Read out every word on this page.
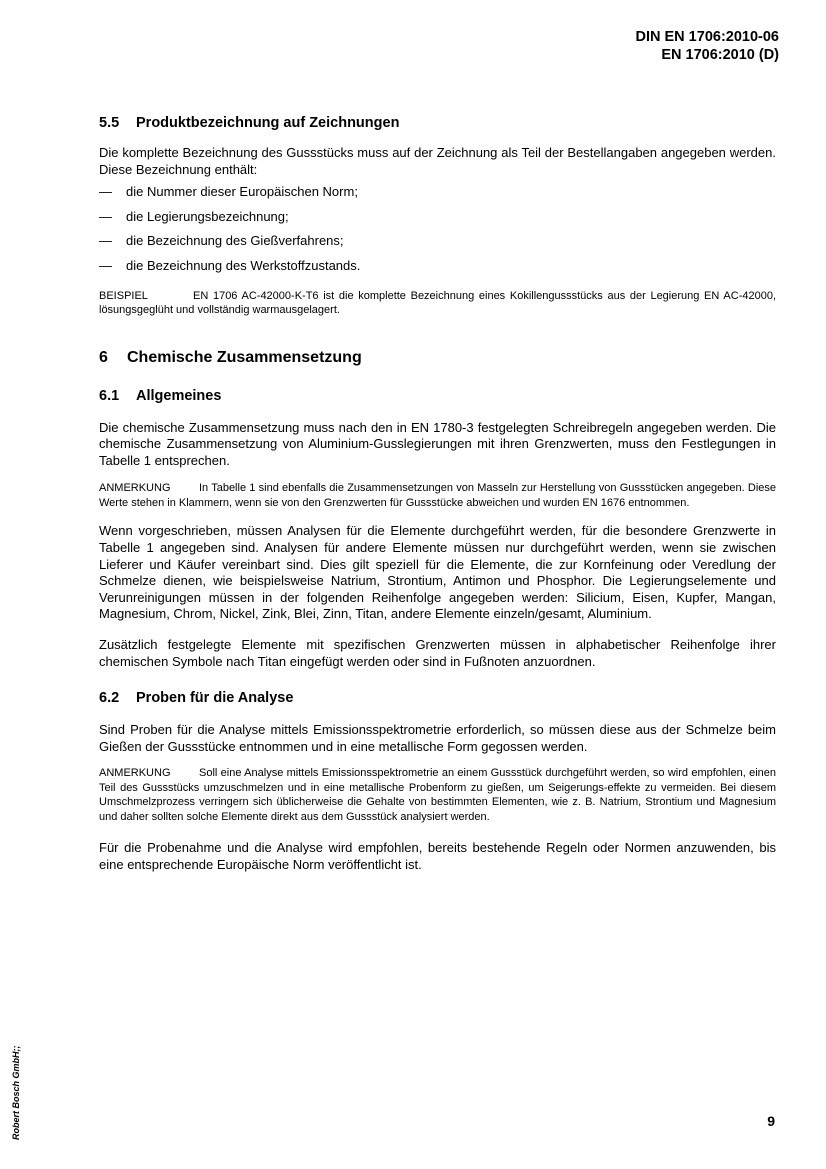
DIN EN 1706:2010-06
EN 1706:2010 (D)
5.5 Produktbezeichnung auf Zeichnungen

Die komplette Bezeichnung des Gussstücks muss auf der Zeichnung als Teil der Bestellangaben angegeben werden. Diese Bezeichnung enthält:

—	die Nummer dieser Europäischen Norm;
—	die Legierungsbezeichnung;
—	die Bezeichnung des Gießverfahrens;
—	die Bezeichnung des Werkstoffzustands.

BEISPIEL	EN 1706 AC-42000-K-T6 ist die komplette Bezeichnung eines Kokillengussstücks aus der Legierung EN AC-42000, lösungsgeglüht und vollständig warmausgelagert.

6 Chemische Zusammensetzung
6.1 Allgemeines

Die chemische Zusammensetzung muss nach den in EN 1780-3 festgelegten Schreibregeln angegeben werden. Die chemische Zusammensetzung von Aluminium-Gusslegierungen mit ihren Grenzwerten, muss den Festlegungen in Tabelle 1 entsprechen.

ANMERKUNG	In Tabelle 1 sind ebenfalls die Zusammensetzungen von Masseln zur Herstellung von Gussstücken angegeben. Diese Werte stehen in Klammern, wenn sie von den Grenzwerten für Gussstücke abweichen und wurden EN 1676 entnommen.

Wenn vorgeschrieben, müssen Analysen für die Elemente durchgeführt werden, für die besondere Grenzwerte in Tabelle 1 angegeben sind. Analysen für andere Elemente müssen nur durchgeführt werden, wenn sie zwischen Lieferer und Käufer vereinbart sind. Dies gilt speziell für die Elemente, die zur Kornfeinung oder Veredlung der Schmelze dienen, wie beispielsweise Natrium, Strontium, Antimon und Phosphor. Die Legierungselemente und Verunreinigungen müssen in der folgenden Reihenfolge angegeben werden: Silicium, Eisen, Kupfer, Mangan, Magnesium, Chrom, Nickel, Zink, Blei, Zinn, Titan, andere Elemente einzeln/gesamt, Aluminium.

Zusätzlich festgelegte Elemente mit spezifischen Grenzwerten müssen in alphabetischer Reihenfolge ihrer chemischen Symbole nach Titan eingefügt werden oder sind in Fußnoten anzuordnen.

6.2 Proben für die Analyse

Sind Proben für die Analyse mittels Emissionsspektrometrie erforderlich, so müssen diese aus der Schmelze beim Gießen der Gussstücke entnommen und in eine metallische Form gegossen werden.

ANMERKUNG	Soll eine Analyse mittels Emissionsspektrometrie an einem Gussstück durchgeführt werden, so wird empfohlen, einen Teil des Gussstücks umzuschmelzen und in eine metallische Probenform zu gießen, um Seigerungs-effekte zu vermeiden. Bei diesem Umschmelzprozess verringern sich üblicherweise die Gehalte von bestimmten Elementen, wie z. B. Natrium, Strontium und Magnesium und daher sollten solche Elemente direkt aus dem Gussstück analysiert werden.

Für die Probenahme und die Analyse wird empfohlen, bereits bestehende Regeln oder Normen anzuwenden, bis eine entsprechende Europäische Norm veröffentlicht ist.

Robert Bosch GmbH;;	9
